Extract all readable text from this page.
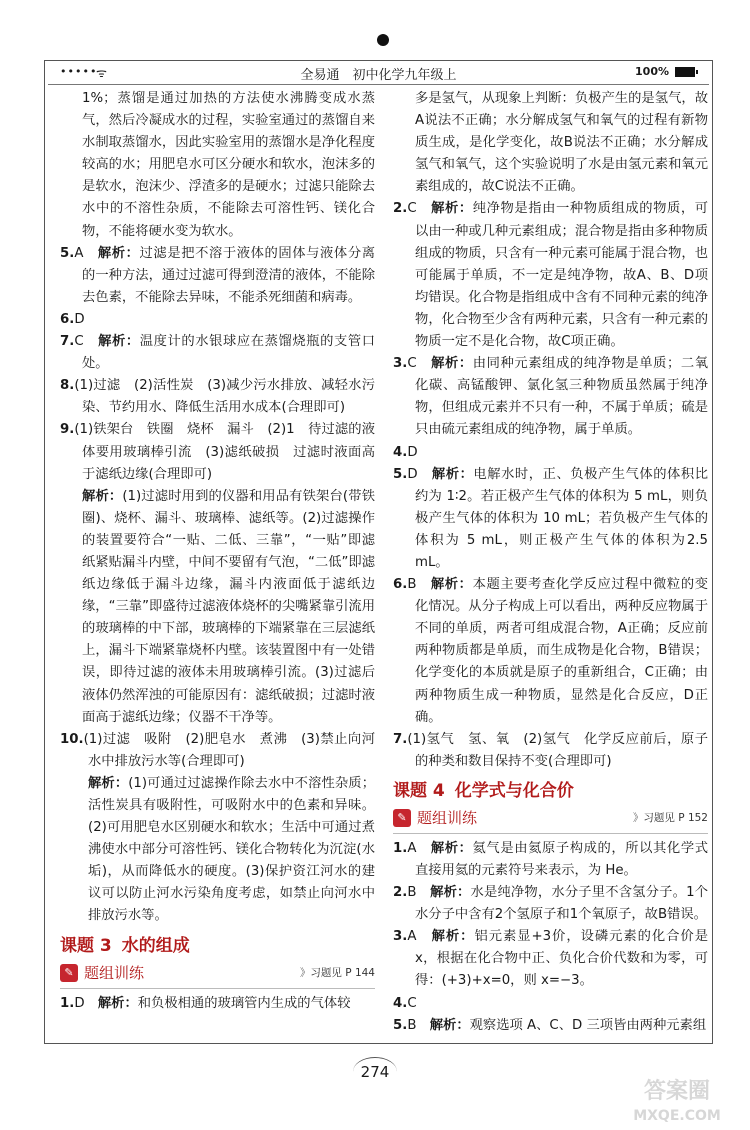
•••••
ᯤ	全易通　初中化学九年级上	100%

1%；蒸馏是通过加热的方法使水沸腾变成水蒸气，然后冷凝成水的过程，实验室通过的蒸馏自来水制取蒸馏水，因此实验室用的蒸馏水是净化程度较高的水；用肥皂水可区分硬水和软水，泡沫多的是软水，泡沫少、浮渣多的是硬水；过滤只能除去水中的不溶性杂质，不能除去可溶性钙、镁化合物，不能将硬水变为软水。

5.A　解析：过滤是把不溶于液体的固体与液体分离的一种方法，通过过滤可得到澄清的液体，不能除去色素，不能除去异味，不能杀死细菌和病毒。

6.D

7.C　解析：温度计的水银球应在蒸馏烧瓶的支管口处。

8.(1)过滤　(2)活性炭　(3)减少污水排放、减轻水污染、节约用水、降低生活用水成本(合理即可)

9.(1)铁架台　铁圈　烧杯　漏斗　(2)1　待过滤的液体要用玻璃棒引流　(3)滤纸破损　过滤时液面高于滤纸边缘(合理即可)

解析：(1)过滤时用到的仪器和用品有铁架台(带铁圈)、烧杯、漏斗、玻璃棒、滤纸等。(2)过滤操作的装置要符合“一贴、二低、三靠”，“一贴”即滤纸紧贴漏斗内壁，中间不要留有气泡，“二低”即滤纸边缘低于漏斗边缘，漏斗内液面低于滤纸边缘，“三靠”即盛待过滤液体烧杯的尖嘴紧靠引流用的玻璃棒的中下部，玻璃棒的下端紧靠在三层滤纸上，漏斗下端紧靠烧杯内壁。该装置图中有一处错误，即待过滤的液体未用玻璃棒引流。(3)过滤后液体仍然浑浊的可能原因有：滤纸破损；过滤时液面高于滤纸边缘；仪器不干净等。

10.(1)过滤　吸附　(2)肥皂水　煮沸　(3)禁止向河水中排放污水等(合理即可)

解析：(1)可通过过滤操作除去水中不溶性杂质；活性炭具有吸附性，可吸附水中的色素和异味。(2)可用肥皂水区别硬水和软水；生活中可通过煮沸使水中部分可溶性钙、镁化合物转化为沉淀(水垢)，从而降低水的硬度。(3)保护资江河水的建议可以防止河水污染角度考虑，如禁止向河水中排放污水等。

课题 3 水的组成
✎ 题组训练	》习题见 P 144

1.D　解析：和负极相通的玻璃管内生成的气体较

多是氢气，从现象上判断：负极产生的是氢气，故A说法不正确；水分解成氢气和氧气的过程有新物质生成，是化学变化，故B说法不正确；水分解成氢气和氧气，这个实验说明了水是由氢元素和氧元素组成的，故C说法不正确。

2.C　解析：纯净物是指由一种物质组成的物质，可以由一种或几种元素组成；混合物是指由多种物质组成的物质，只含有一种元素可能属于混合物，也可能属于单质，不一定是纯净物，故A、B、D项均错误。化合物是指组成中含有不同种元素的纯净物，化合物至少含有两种元素，只含有一种元素的物质一定不是化合物，故C项正确。

3.C　解析：由同种元素组成的纯净物是单质；二氧化碳、高锰酸钾、氯化氢三种物质虽然属于纯净物，但组成元素并不只有一种，不属于单质；硫是只由硫元素组成的纯净物，属于单质。

4.D

5.D　解析：电解水时，正、负极产生气体的体积比约为 1∶2。若正极产生气体的体积为 5 mL，则负极产生气体的体积为 10 mL；若负极产生气体的体积为 5 mL，则正极产生气体的体积为2.5 mL。

6.B　解析：本题主要考查化学反应过程中微粒的变化情况。从分子构成上可以看出，两种反应物属于不同的单质，两者可组成混合物，A正确；反应前两种物质都是单质，而生成物是化合物，B错误；化学变化的本质就是原子的重新组合，C正确；由两种物质生成一种物质，显然是化合反应，D正确。

7.(1)氢气　氢、氧　(2)氢气　化学反应前后，原子的种类和数目保持不变(合理即可)

课题 4 化学式与化合价
✎ 题组训练	》习题见 P 152

1.A　解析：氦气是由氦原子构成的，所以其化学式直接用氦的元素符号来表示，为 He。

2.B　解析：水是纯净物，水分子里不含氢分子。1个水分子中含有2个氢原子和1个氧原子，故B错误。

3.A　解析：铝元素显+3价，设磷元素的化合价是x，根据在化合物中正、负化合价代数和为零，可得：(+3)+x=0，则 x=−3。

4.C

5.B　解析：观察选项 A、C、D 三项皆由两种元素组

274
答案圈
MXQE.COM
